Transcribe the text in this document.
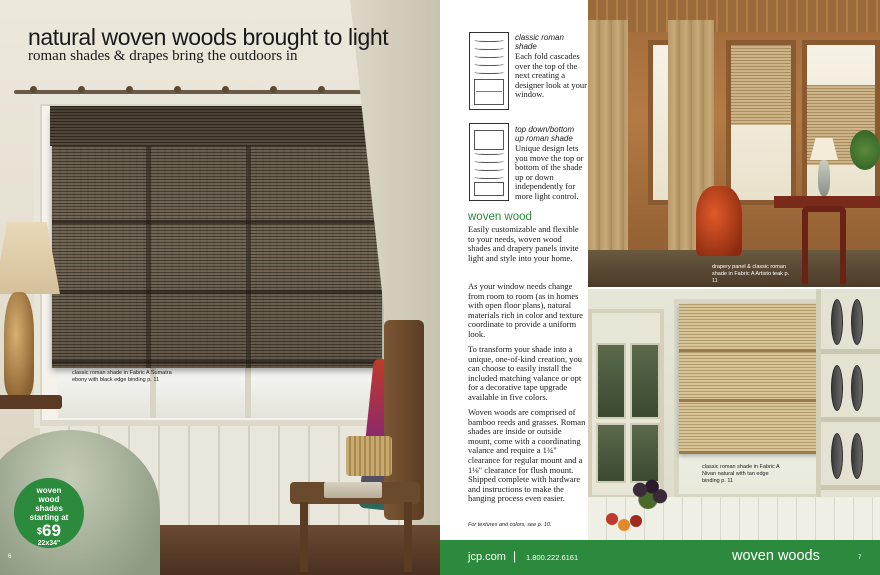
natural woven woods brought to light
roman shades & drapes bring the outdoors in
classic roman shade in Fabric A Sumatra ebony with black edge binding p. 11
woven
wood
shades
starting at
$69
22x34"
6
classic roman shade
Each fold cascades over the top of the next creating a designer look at your window.
top down/bottom up roman shade
Unique design lets you move the top or bottom of the shade up or down independently for more light control.
woven wood
Easily customizable and flexible to your needs, woven wood shades and drapery panels invite light and style into your home.
As your window needs change from room to room (as in homes with open floor plans), natural materials rich in color and texture coordinate to provide a uniform look.
To transform your shade into a unique, one-of-kind creation, you can choose to easily install the included matching valance or opt for a decorative tape upgrade available in five colors.
Woven woods are comprised of bamboo reeds and grasses. Roman shades are inside or outside mount, come with a coordinating valance and require a 1¾" clearance for regular mount and a 1⅛" clearance for flush mount. Shipped complete with hardware and instructions to make the hanging process even easier.
For textures and colors, see p. 10.
drapery panel & classic roman shade in Fabric A Artisto teak p. 11
classic roman shade in Fabric A Nivan natural with tan edge binding p. 11
jcp.com | 1.800.222.6161	woven woods	7
